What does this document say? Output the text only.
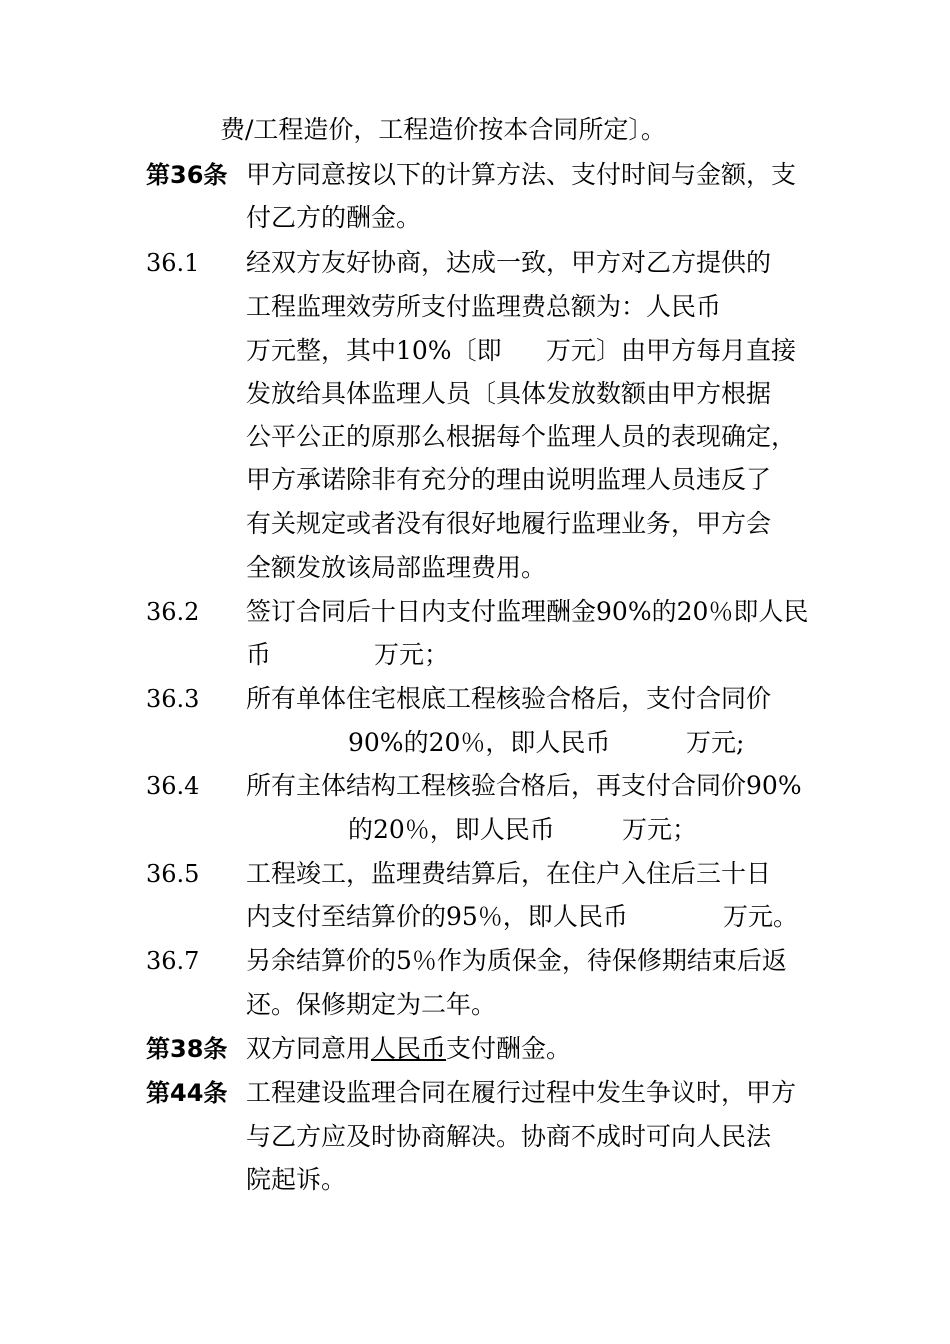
费/工程造价，工程造价按本合同所定〕。
第36条 甲方同意按以下的计算方法、支付时间与金额，支
付乙方的酬金。
36.1 经双方友好协商，达成一致，甲方对乙方提供的
工程监理效劳所支付监理费总额为：人民币
万元整，其中10%〔即 万元〕由甲方每月直接
发放给具体监理人员〔具体发放数额由甲方根据
公平公正的原那么根据每个监理人员的表现确定，
甲方承诺除非有充分的理由说明监理人员违反了
有关规定或者没有很好地履行监理业务，甲方会
全额发放该局部监理费用。
36.2 签订合同后十日内支付监理酬金90%的20％即人民
币	万元；
36.3 所有单体住宅根底工程核验合格后，支付合同价
90%的20％，即人民币	万元;
36.4 所有主体结构工程核验合格后，再支付合同价90%
的20％，即人民币	万元；
36.5 工程竣工，监理费结算后，在住户入住后三十日
内支付至结算价的95％，即人民币	万元。
36.7 另余结算价的5％作为质保金，待保修期结束后返
还。保修期定为二年。
第38条 双方同意用人民币支付酬金。
第44条 工程建设监理合同在履行过程中发生争议时，甲方
与乙方应及时协商解决。协商不成时可向人民法
院起诉。
